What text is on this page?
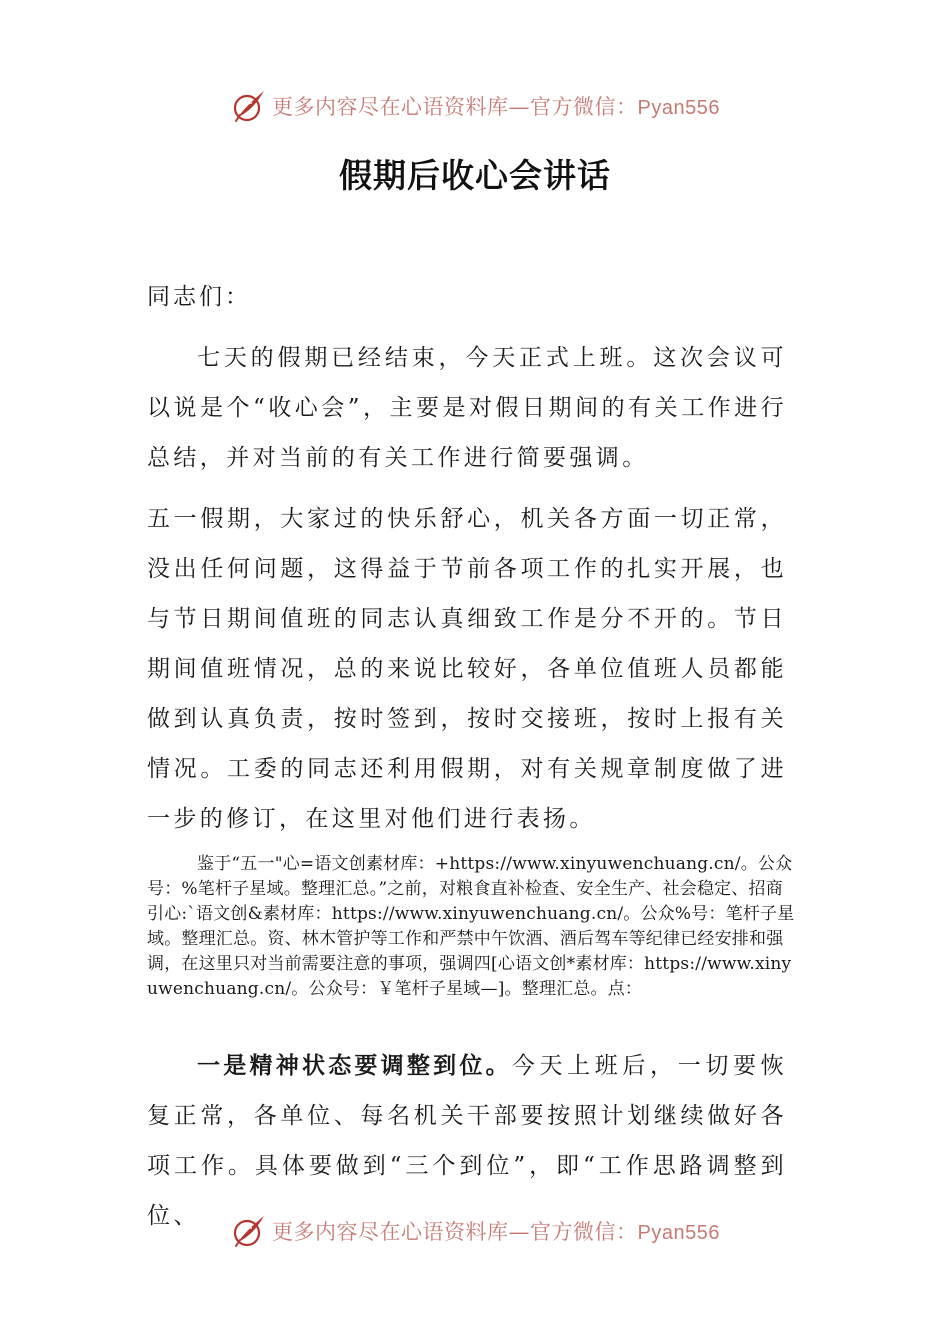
更多内容尽在心语资料库—官方微信：Pyan556
假期后收心会讲话
同志们：

七天的假期已经结束，今天正式上班。这次会议可以说是个“收心会”，主要是对假日期间的有关工作进行总结，并对当前的有关工作进行简要强调。

五一假期，大家过的快乐舒心，机关各方面一切正常，没出任何问题，这得益于节前各项工作的扎实开展，也与节日期间值班的同志认真细致工作是分不开的。节日期间值班情况，总的来说比较好，各单位值班人员都能做到认真负责，按时签到，按时交接班，按时上报有关情况。工委的同志还利用假期，对有关规章制度做了进一步的修订，在这里对他们进行表扬。

鉴于“五一"心=语文创素材库：+https://www.xinyuwenchuang.cn/。公众号：%笔杆子星域。整理汇总。”之前，对粮食直补检查、安全生产、社会稳定、招商引心:`语文创&素材库：https://www.xinyuwenchuang.cn/。公众%号：笔杆子星域。整理汇总。资、林木管护等工作和严禁中午饮酒、酒后驾车等纪律已经安排和强调，在这里只对当前需要注意的事项，强调四[心语文创*素材库：https://www.xinyuwenchuang.cn/。公众号：￥笔杆子星域—]。整理汇总。点：

一是精神状态要调整到位。今天上班后，一切要恢复正常，各单位、每名机关干部要按照计划继续做好各项工作。具体要做到“三个到位”，即“工作思路调整到位、

更多内容尽在心语资料库—官方微信：Pyan556
